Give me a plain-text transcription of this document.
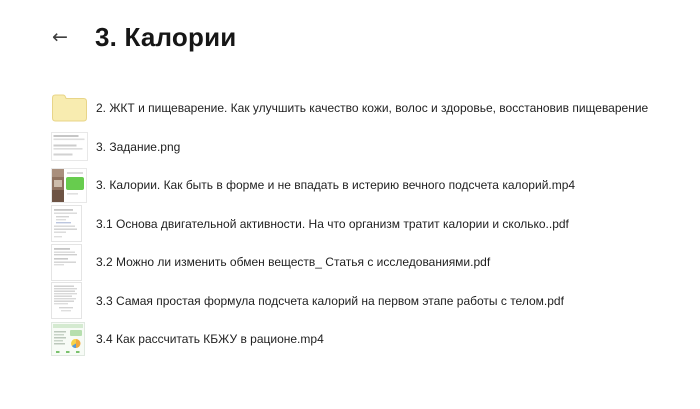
← 3. Калории
2. ЖКТ и пищеварение. Как улучшить качество кожи, волос и здоровье, восстановив пищеварение
3. Задание.png
3. Калории. Как быть в форме и не впадать в истерию вечного подсчета калорий.mp4
3.1 Основа двигательной активности. На что организм тратит калории и сколько..pdf
3.2 Можно ли изменить обмен веществ_ Статья с исследованиями.pdf
3.3 Самая простая формула подсчета калорий на первом этапе работы с телом.pdf
3.4 Как рассчитать КБЖУ в рационе.mp4
